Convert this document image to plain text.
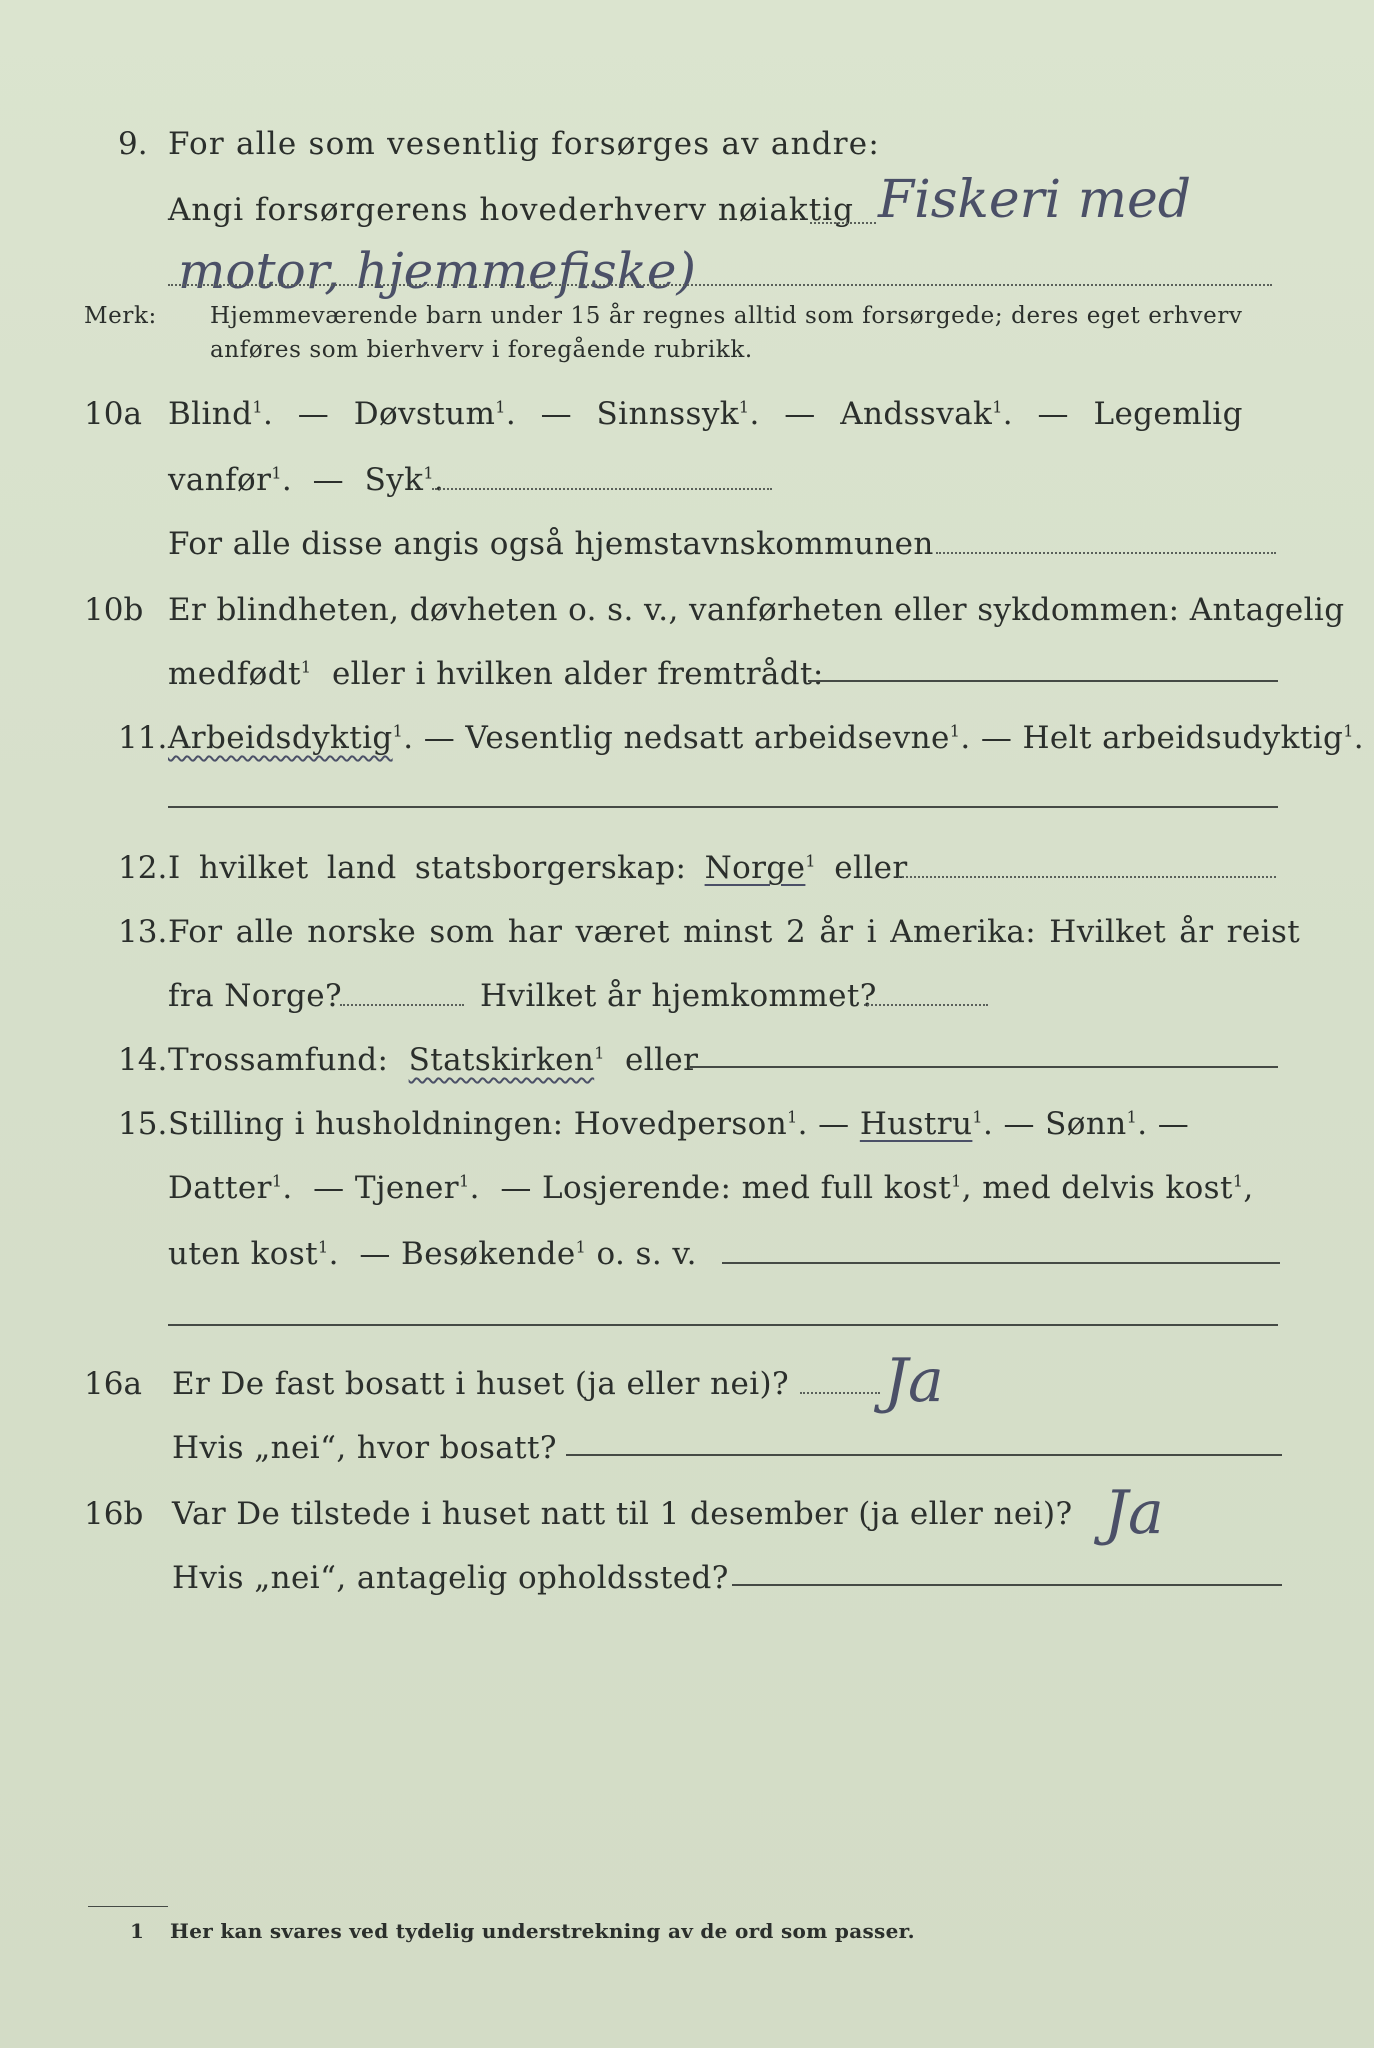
9. For alle som vesentlig forsørges av andre:
Angi forsørgerens hovederhverv nøiaktig Fiskeri med
motor, hjemmefiske)
Merk: Hjemmeværende barn under 15 år regnes alltid som forsørgede; deres eget erhverv
anføres som bierhverv i foregående rubrikk.
10a Blind$^1$.  —  Døvstum$^1$.  —  Sinnssyk$^1$.  —  Andssvak$^1$.  —  Legemlig
vanfør$^1$.  —  Syk$^1$.
For alle disse angis også hjemstavnskommunen
10b Er blindheten, døvheten o. s. v., vanførheten eller sykdommen: Antagelig
medfødt$^1$ eller i hvilken alder fremtrådt:
11. Arbeidsdyktig$^1$. — Vesentlig nedsatt arbeidsevne$^1$. — Helt arbeidsudyktig$^1$.
12. I hvilket land statsborgerskap: Norge$^1$ eller
13. For alle norske som har været minst 2 år i Amerika: Hvilket år reist
fra Norge?	Hvilket år hjemkommet?
14. Trossamfund: Statskirken$^1$ eller
15. Stilling i husholdningen: Hovedperson$^1$. — Hustru$^1$. — Sønn$^1$. —
Datter$^1$.  — Tjener$^1$.  — Losjerende: med full kost$^1$, med delvis kost$^1$,
uten kost$^1$.  — Besøkende$^1$ o. s. v.
16a Er De fast bosatt i huset (ja eller nei)? Ja
Hvis „nei“, hvor bosatt?
16b Var De tilstede i huset natt til 1 desember (ja eller nei)? Ja
Hvis „nei“, antagelig opholdssted?
1 Her kan svares ved tydelig understrekning av de ord som passer.
